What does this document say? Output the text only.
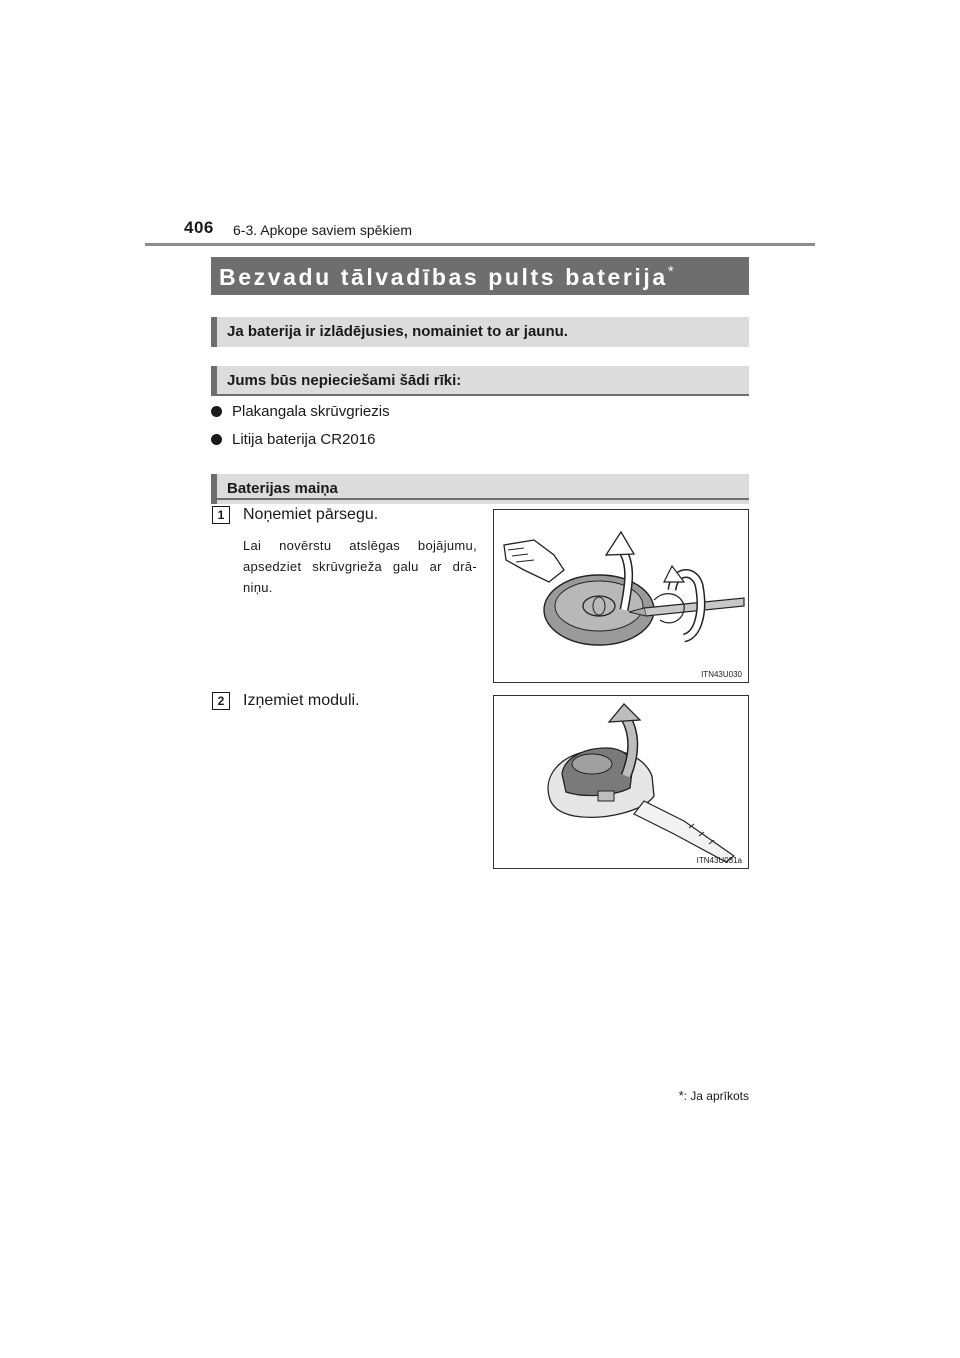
406 6-3. Apkope saviem spēkiem
Bezvadu tālvadības pults baterija*
Ja baterija ir izlādējusies, nomainiet to ar jaunu.
Jums būs nepieciešami šādi rīki:
Plakangala skrūvgriezis
Litija baterija CR2016
Baterijas maiņa
1	Noņemiet pārsegu.
Lai novērstu atslēgas bojājumu, apsedziet skrūvgrieža galu ar drā-niņu.
ITN43U030
2	Izņemiet moduli.
ITN43U031a
*: Ja aprīkots
